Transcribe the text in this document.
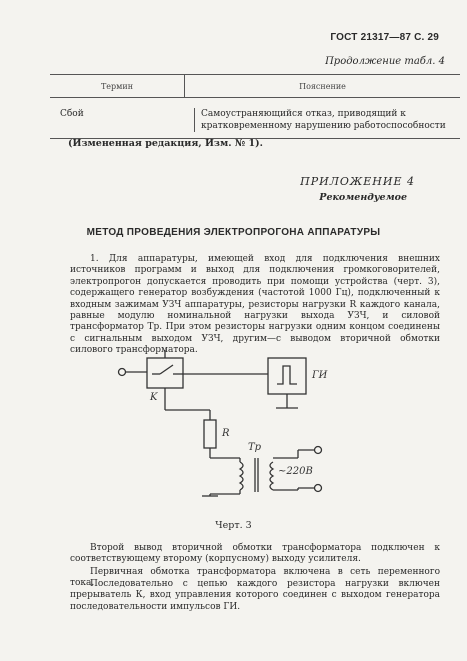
ГОСТ 21317—87 С. 29
Продолжение табл. 4
Термин	Пояснение
Сбой	Самоустраняющийся отказ, приводящий к кратковременному нарушению работоспособности
(Измененная редакция, Изм. № 1).
ПРИЛОЖЕНИЕ 4
Рекомендуемое
МЕТОД ПРОВЕДЕНИЯ ЭЛЕКТРОПРОГОНА АППАРАТУРЫ
1. Для аппаратуры, имеющей вход для подключения внешних источников программ и выход для подключения громкоговорителей, электропрогон допускается проводить при помощи устройства (черт. 3), содержащего генератор возбуждения (частотой 1000 Гц), подключенный к входным зажимам УЗЧ аппаратуры, резисторы нагрузки R каждого канала, равные модулю номинальной нагрузки выхода УЗЧ, и силовой трансформатор Тр. При этом резисторы нагрузки одним концом соединены с сигнальным выходом УЗЧ, другим—с выводом вторичной обмотки силового трансформатора.
K
ГИ
R
Тр
~220В
Черт. 3
Второй вывод вторичной обмотки трансформатора подключен к соответствующему второму (корпусному) выходу усилителя.
Первичная обмотка трансформатора включена в сеть переменного тока.
Последовательно с цепью каждого резистора нагрузки включен прерыватель К, вход управления которого соединен с выходом генератора последовательности импульсов ГИ.
